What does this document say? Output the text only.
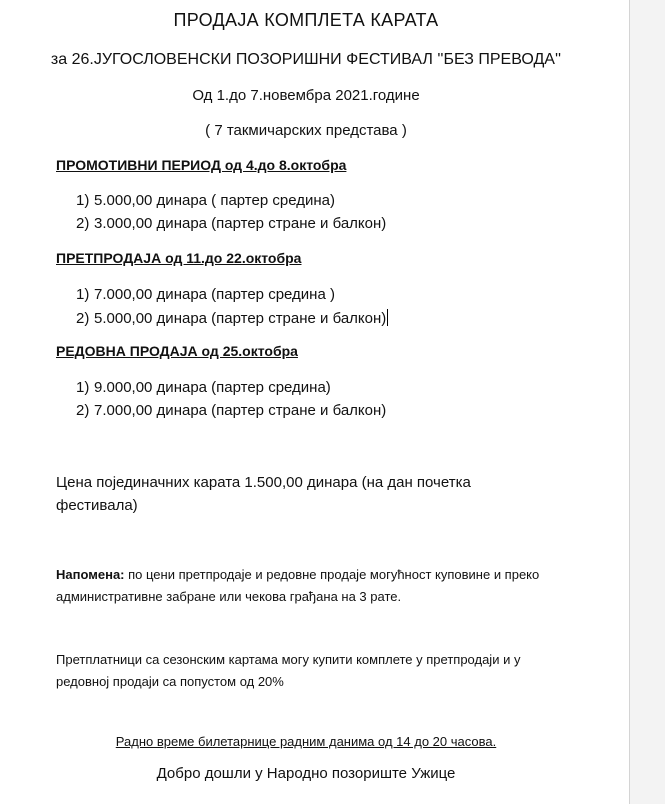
ПРОДАЈА КОМПЛЕТА КАРАТА
за 26.ЈУГОСЛОВЕНСКИ ПОЗОРИШНИ ФЕСТИВАЛ ''БЕЗ ПРЕВОДА''
Од 1.до 7.новембра 2021.године
( 7 такмичарских представа )
ПРОМОТИВНИ ПЕРИОД од 4.до 8.октобра
1) 5.000,00 динара ( партер средина)
2) 3.000,00 динара (партер стране и балкон)
ПРЕТПРОДАЈА од 11.до 22.октобра
1) 7.000,00 динара (партер средина )
2) 5.000,00 динара (партер стране и балкон)
РЕДОВНА ПРОДАЈА од 25.октобра
1) 9.000,00 динара (партер средина)
2) 7.000,00 динара (партер стране и балкон)
Цена појединачних карата 1.500,00 динара (на дан почетка фестивала)
Напомена: по цени претпродаје и редовне продаје могућност куповине и преко административне забране или чекова грађана на 3 рате.
Претплатници са сезонским картама могу купити комплете у претпродаји и у редовној продаји са попустом од 20%
Радно време билетарнице радним данима од 14 до 20 часова.
Добро дошли у Народно позориште Ужице
